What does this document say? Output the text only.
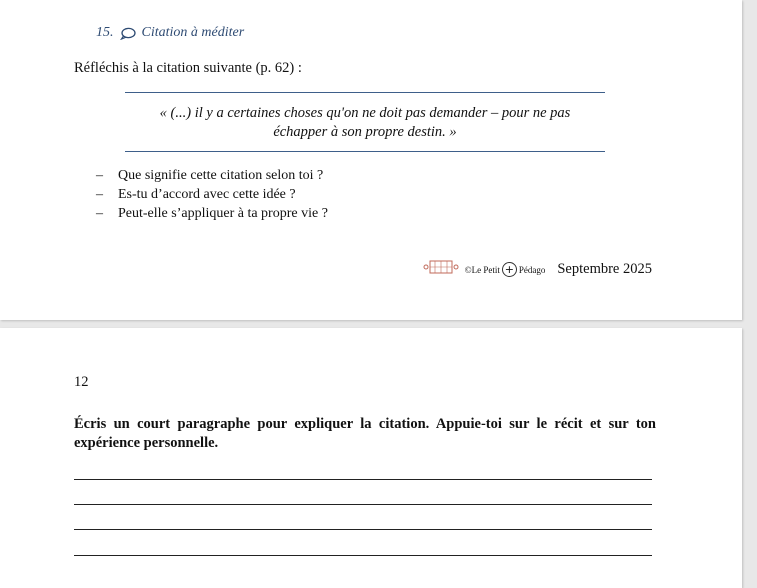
15. Citation à méditer
Réfléchis à la citation suivante (p. 62) :
« (...) il y a certaines choses qu'on ne doit pas demander – pour ne pas
échapper à son propre destin. »
–	Que signifie cette citation selon toi ?
–	Es-tu d’accord avec cette idée ?
–	Peut-elle s’appliquer à ta propre vie ?
©Le Petit + Pédago Septembre 2025
12
Écris un court paragraphe pour expliquer la citation. Appuie-toi sur le récit et sur ton expérience personnelle.
